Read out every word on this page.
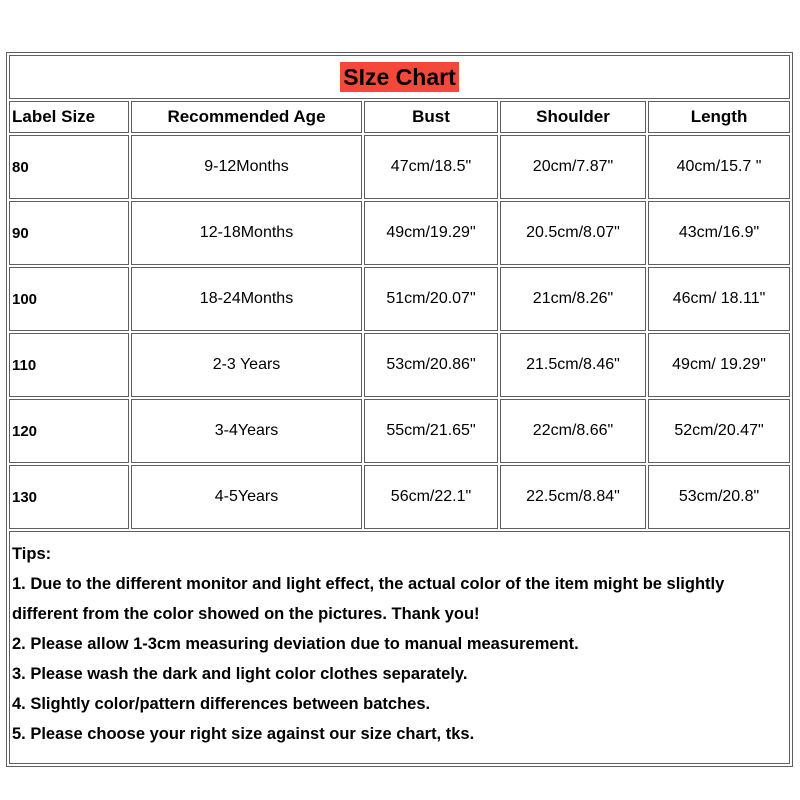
SIze Chart				
Label Size	Recommended Age	Bust	Shoulder	Length
80	9-12Months	47cm/18.5"	20cm/7.87"	40cm/15.7 "
90	12-18Months	49cm/19.29"	20.5cm/8.07"	43cm/16.9"
100	18-24Months	51cm/20.07"	21cm/8.26"	46cm/ 18.11"
110	2-3 Years	53cm/20.86"	21.5cm/8.46"	49cm/ 19.29"
120	3-4Years	55cm/21.65"	22cm/8.66"	52cm/20.47"
130	4-5Years	56cm/22.1"	22.5cm/8.84"	53cm/20.8"

Tips:

1. Due to the different monitor and light effect, the actual color of the item might be slightly different from the color showed on the pictures. Thank you!

2. Please allow 1-3cm measuring deviation due to manual measurement.

3. Please wash the dark and light color clothes separately.

4. Slightly color/pattern differences between batches.

5. Please choose your right size against our size chart, tks.
